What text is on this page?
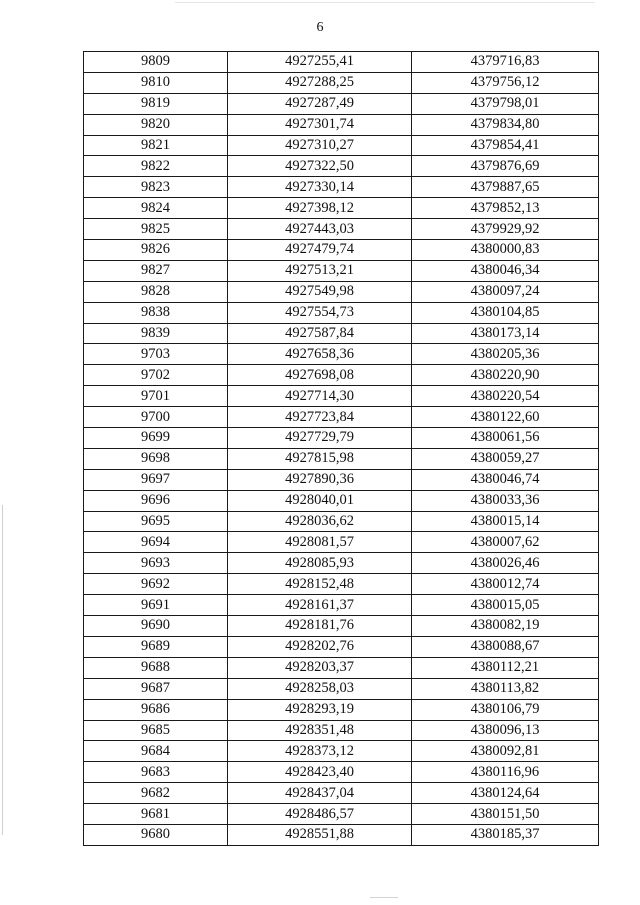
6
9809	4927255,41	4379716,83
9810	4927288,25	4379756,12
9819	4927287,49	4379798,01
9820	4927301,74	4379834,80
9821	4927310,27	4379854,41
9822	4927322,50	4379876,69
9823	4927330,14	4379887,65
9824	4927398,12	4379852,13
9825	4927443,03	4379929,92
9826	4927479,74	4380000,83
9827	4927513,21	4380046,34
9828	4927549,98	4380097,24
9838	4927554,73	4380104,85
9839	4927587,84	4380173,14
9703	4927658,36	4380205,36
9702	4927698,08	4380220,90
9701	4927714,30	4380220,54
9700	4927723,84	4380122,60
9699	4927729,79	4380061,56
9698	4927815,98	4380059,27
9697	4927890,36	4380046,74
9696	4928040,01	4380033,36
9695	4928036,62	4380015,14
9694	4928081,57	4380007,62
9693	4928085,93	4380026,46
9692	4928152,48	4380012,74
9691	4928161,37	4380015,05
9690	4928181,76	4380082,19
9689	4928202,76	4380088,67
9688	4928203,37	4380112,21
9687	4928258,03	4380113,82
9686	4928293,19	4380106,79
9685	4928351,48	4380096,13
9684	4928373,12	4380092,81
9683	4928423,40	4380116,96
9682	4928437,04	4380124,64
9681	4928486,57	4380151,50
9680	4928551,88	4380185,37
